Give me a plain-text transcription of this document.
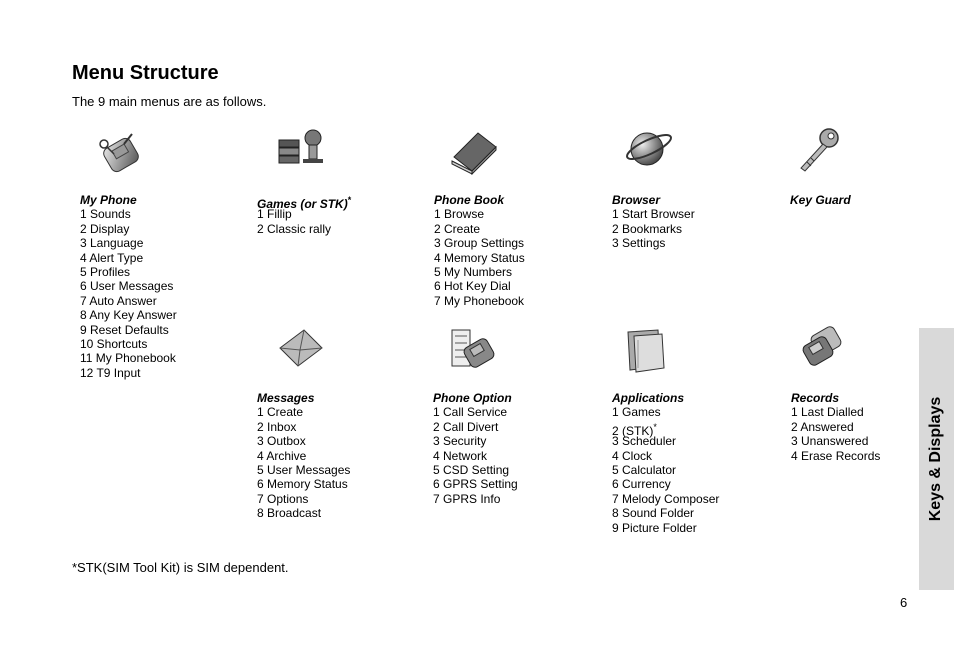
Menu Structure

The 9 main menus are as follows.

My Phone
1 Sounds
2 Display
3 Language
4 Alert Type
5 Profiles
6 User Messages
7 Auto Answer
8 Any Key Answer
9 Reset Defaults
10 Shortcuts
11 My Phonebook
12 T9 Input
Games (or STK)*
1 Fillip
2 Classic rally
Phone Book
1 Browse
2 Create
3 Group Settings
4 Memory Status
5 My Numbers
6 Hot Key Dial
7 My Phonebook
Browser
1 Start Browser
2 Bookmarks
3 Settings
Key Guard
Messages
1 Create
2 Inbox
3 Outbox
4 Archive
5 User Messages
6 Memory Status
7 Options
8 Broadcast
Phone Option
1 Call Service
2 Call Divert
3 Security
4 Network
5 CSD Setting
6 GPRS Setting
7 GPRS Info
Applications
1 Games
2 (STK)*
3 Scheduler
4 Clock
5 Calculator
6 Currency
7 Melody Composer
8 Sound Folder
9 Picture Folder
Records
1 Last Dialled
2 Answered
3 Unanswered
4 Erase Records

*STK(SIM Tool Kit) is SIM dependent.

Keys & Displays
6
